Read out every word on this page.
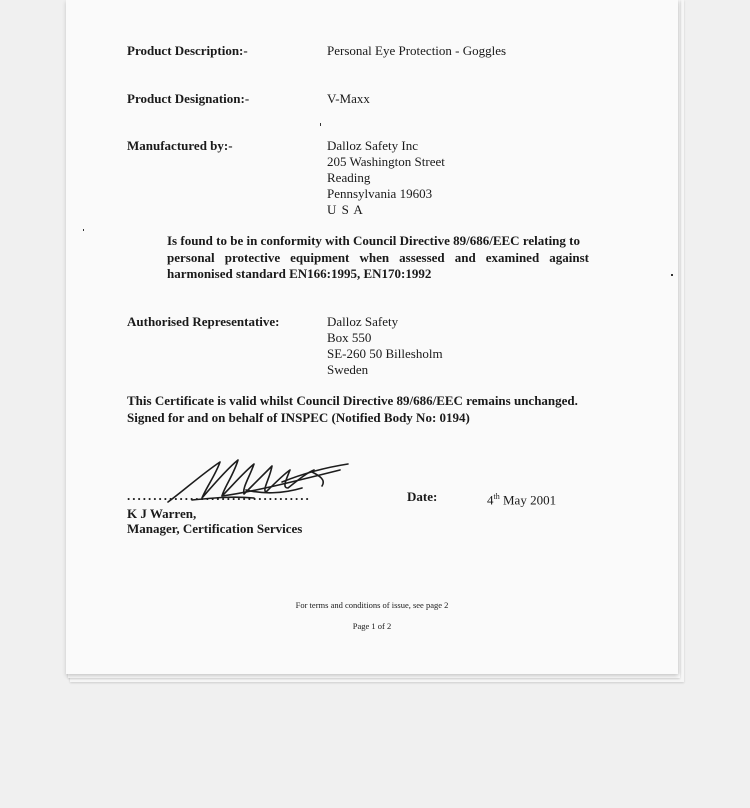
Product Description:-	Personal Eye Protection - Goggles
Product Designation:-	V-Maxx
Manufactured by:-	Dalloz Safety Inc
205 Washington Street
Reading
Pennsylvania 19603
U S A
Is found to be in conformity with Council Directive 89/686/EEC relating to
personal protective equipment when assessed and examined against
harmonised standard EN166:1995, EN170:1992
Authorised Representative:	Dalloz Safety
Box 550
SE-260 50 Billesholm
Sweden
This Certificate is valid whilst Council Directive 89/686/EEC remains unchanged.
Signed for and on behalf of INSPEC (Notified Body No: 0194)
...................................	Date:	4th May 2001
K J Warren,
Manager, Certification Services
For terms and conditions of issue, see page 2
Page 1 of 2
